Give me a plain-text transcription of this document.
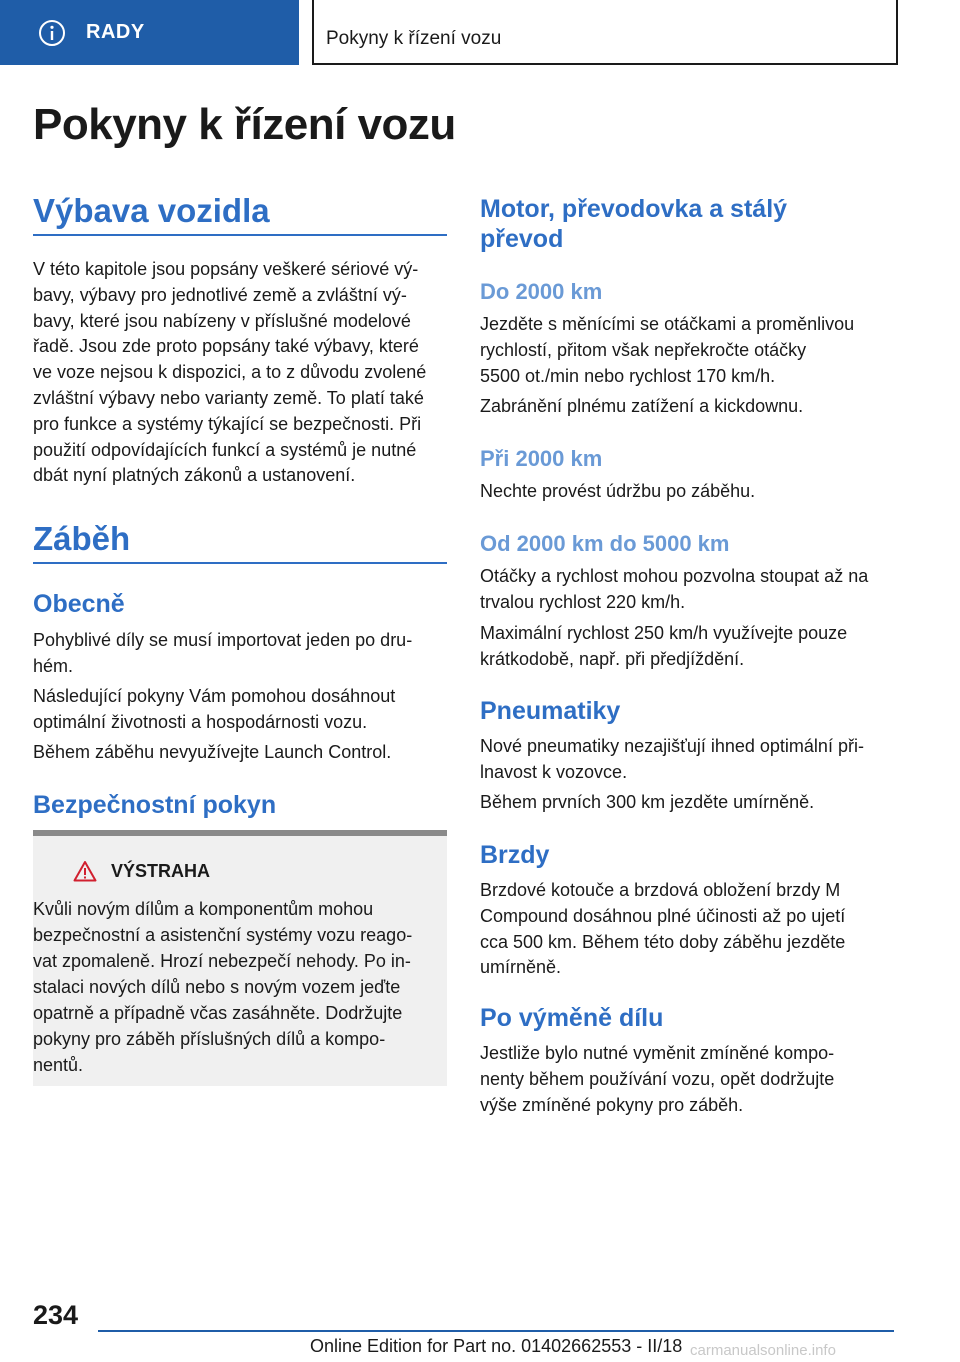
RADY	Pokyny k řízení vozu
Pokyny k řízení vozu
Výbava vozidla

V této kapitole jsou popsány veškeré sériové vý-
bavy, výbavy pro jednotlivé země a zvláštní vý-
bavy, které jsou nabízeny v příslušné modelové
řadě. Jsou zde proto popsány také výbavy, které
ve voze nejsou k dispozici, a to z důvodu zvolené
zvláštní výbavy nebo varianty země. To platí také
pro funkce a systémy týkající se bezpečnosti. Při
použití odpovídajících funkcí a systémů je nutné
dbát nyní platných zákonů a ustanovení.

Záběh
Obecně

Pohyblivé díly se musí importovat jeden po dru-
hém.

Následující pokyny Vám pomohou dosáhnout
optimální životnosti a hospodárnosti vozu.

Během záběhu nevyužívejte Launch Control.

Bezpečnostní pokyn
VÝSTRAHA

Kvůli novým dílům a komponentům mohou
bezpečnostní a asistenční systémy vozu reago-
vat zpomaleně. Hrozí nebezpečí nehody. Po in-
stalaci nových dílů nebo s novým vozem jeďte
opatrně a případně včas zasáhněte. Dodržujte
pokyny pro záběh příslušných dílů a kompo-
nentů.

Motor, převodovka a stálý
převod
Do 2000 km

Jezděte s měnícími se otáčkami a proměnlivou
rychlostí, přitom však nepřekročte otáčky
5500 ot./min nebo rychlost 170 km/h.

Zabránění plnému zatížení a kickdownu.

Při 2000 km

Nechte provést údržbu po záběhu.

Od 2000 km do 5000 km

Otáčky a rychlost mohou pozvolna stoupat až na
trvalou rychlost 220 km/h.

Maximální rychlost 250 km/h využívejte pouze
krátkodobě, např. při předjíždění.

Pneumatiky

Nové pneumatiky nezajišťují ihned optimální při-
lnavost k vozovce.

Během prvních 300 km jezděte umírněně.

Brzdy

Brzdové kotouče a brzdová obložení brzdy M
Compound dosáhnou plné účinosti až po ujetí
cca 500 km. Během této doby záběhu jezděte
umírněně.

Po výměně dílu

Jestliže bylo nutné vyměnit zmíněné kompo-
nenty během používání vozu, opět dodržujte
výše zmíněné pokyny pro záběh.

234
Online Edition for Part no. 01402662553 - II/18 carmanualsonline.info
